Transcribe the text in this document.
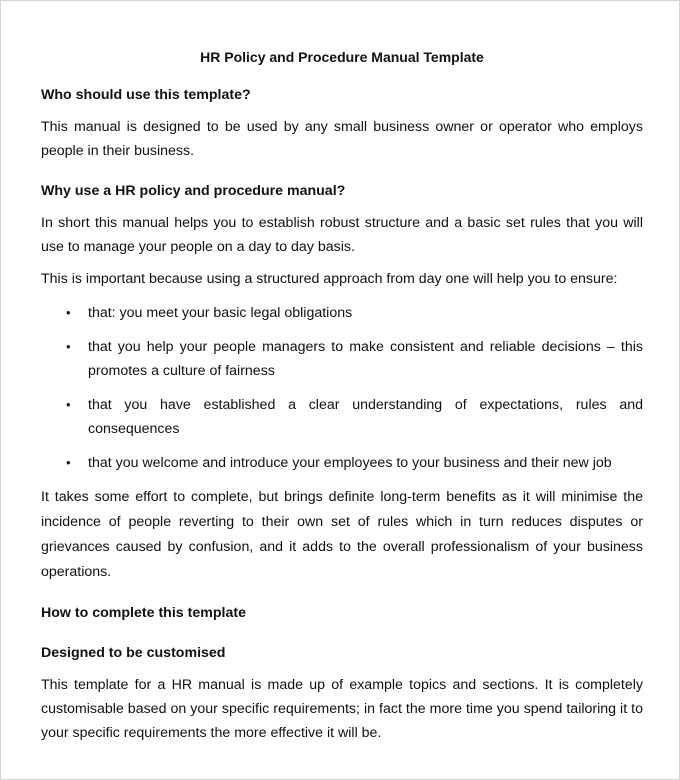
HR Policy and Procedure Manual Template
Who should use this template?

This manual is designed to be used by any small business owner or operator who employs people in their business.

Why use a HR policy and procedure manual?

In short this manual helps you to establish robust structure and a basic set rules that you will use to manage your people on a day to day basis.

This is important because using a structured approach from day one will help you to ensure:

• that: you meet your basic legal obligations
• that you help your people managers to make consistent and reliable decisions – this promotes a culture of fairness
• that you have established a clear understanding of expectations, rules and consequences
• that you welcome and introduce your employees to your business and their new job

It takes some effort to complete, but brings definite long-term benefits as it will minimise the incidence of people reverting to their own set of rules which in turn reduces disputes or grievances caused by confusion, and it adds to the overall professionalism of your business operations.

How to complete this template
Designed to be customised

This template for a HR manual is made up of example topics and sections. It is completely customisable based on your specific requirements; in fact the more time you spend tailoring it to your specific requirements the more effective it will be.
